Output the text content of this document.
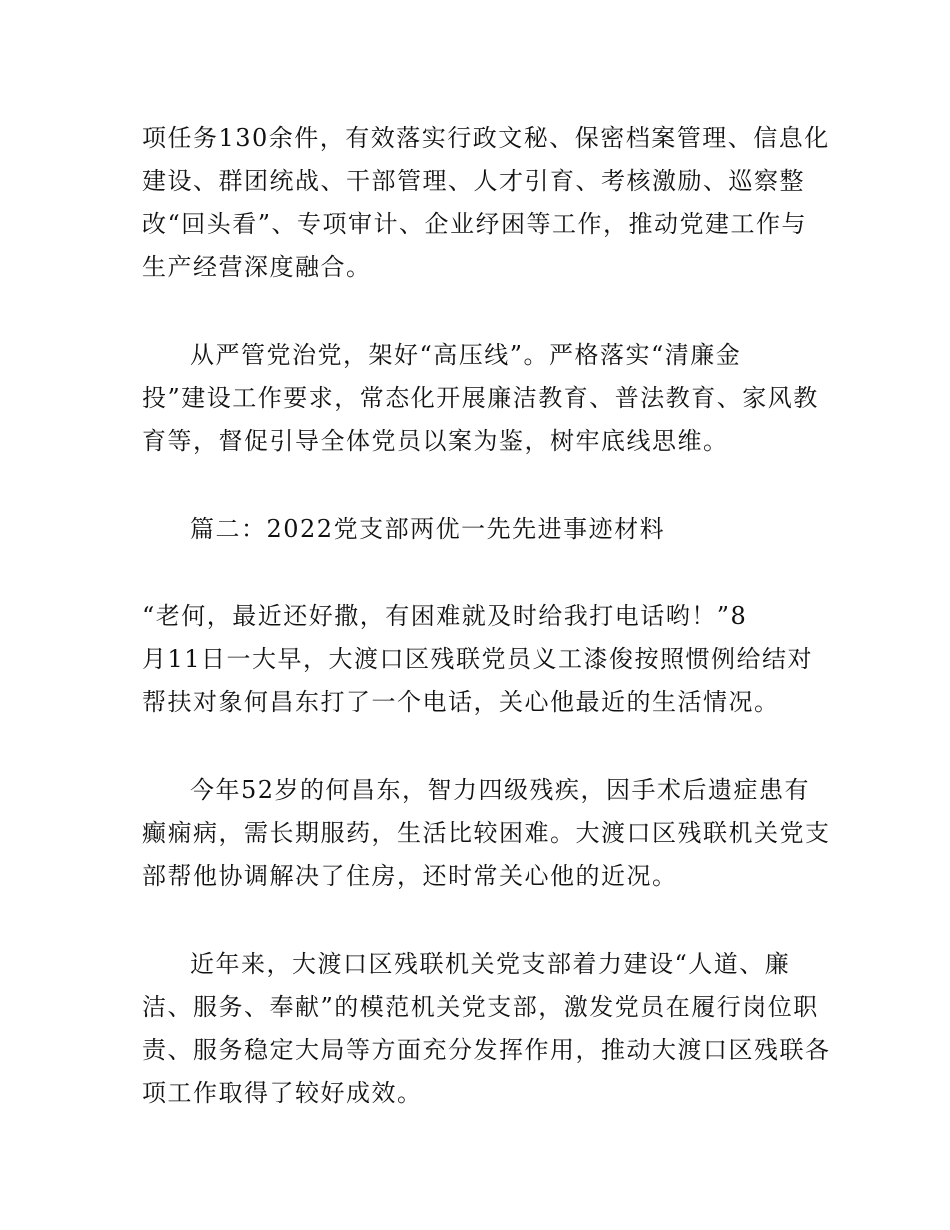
项任务130余件，有效落实行政文秘、保密档案管理、信息化
建设、群团统战、干部管理、人才引育、考核激励、巡察整
改“回头看”、专项审计、企业纾困等工作，推动党建工作与
生产经营深度融合。
从严管党治党，架好“高压线”。严格落实“清廉金
投”建设工作要求，常态化开展廉洁教育、普法教育、家风教
育等，督促引导全体党员以案为鉴，树牢底线思维。
篇二：2022党支部两优一先先进事迹材料
“老何，最近还好撒，有困难就及时给我打电话哟！”8
月11日一大早，大渡口区残联党员义工漆俊按照惯例给结对
帮扶对象何昌东打了一个电话，关心他最近的生活情况。
今年52岁的何昌东，智力四级残疾，因手术后遗症患有
癫痫病，需长期服药，生活比较困难。大渡口区残联机关党支
部帮他协调解决了住房，还时常关心他的近况。
近年来，大渡口区残联机关党支部着力建设“人道、廉
洁、服务、奉献”的模范机关党支部，激发党员在履行岗位职
责、服务稳定大局等方面充分发挥作用，推动大渡口区残联各
项工作取得了较好成效。
